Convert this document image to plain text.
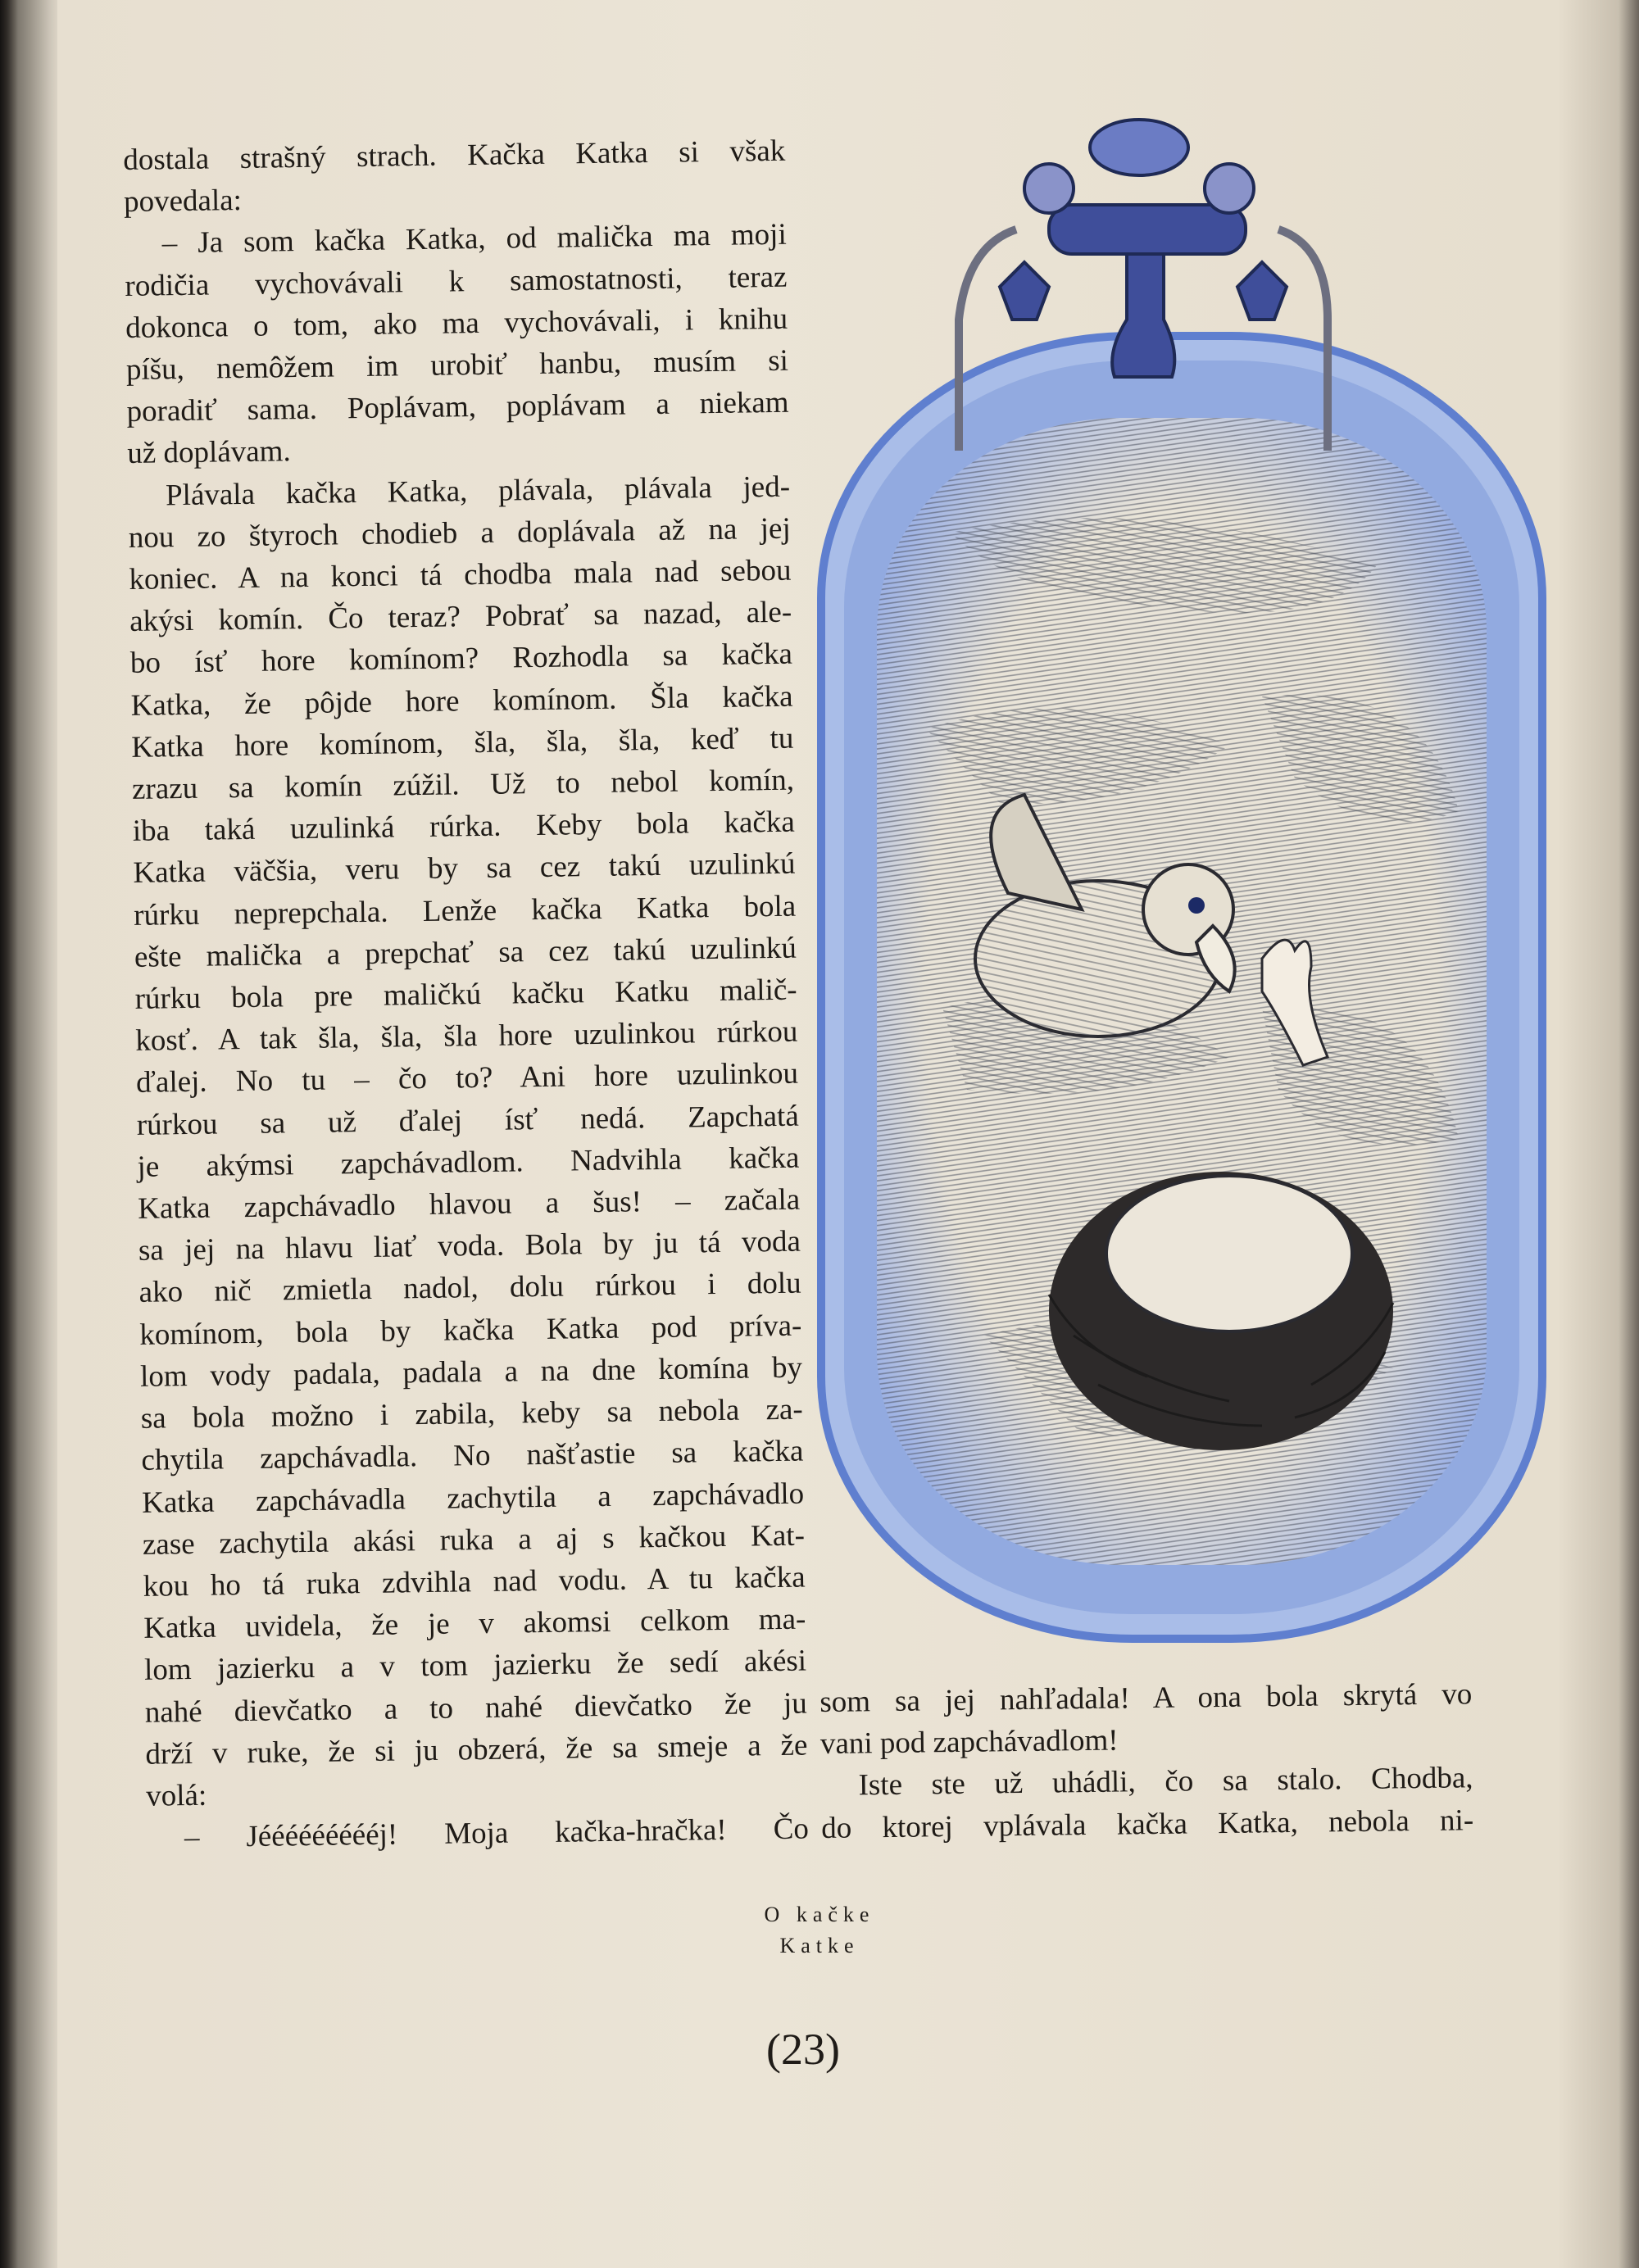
dostala strašný strach. Kačka Katka si však
povedala:
– Ja som kačka Katka, od malička ma moji
rodičia vychovávali k samostatnosti, teraz
dokonca o tom, ako ma vychovávali, i knihu
píšu, nemôžem im urobiť hanbu, musím si
poradiť sama. Poplávam, poplávam a niekam
už doplávam.
Plávala kačka Katka, plávala, plávala jed-
nou zo štyroch chodieb a doplávala až na jej
koniec. A na konci tá chodba mala nad sebou
akýsi komín. Čo teraz? Pobrať sa nazad, ale-
bo ísť hore komínom? Rozhodla sa kačka
Katka, že pôjde hore komínom. Šla kačka
Katka hore komínom, šla, šla, šla, keď tu
zrazu sa komín zúžil. Už to nebol komín,
iba taká uzulinká rúrka. Keby bola kačka
Katka väčšia, veru by sa cez takú uzulinkú
rúrku neprepchala. Lenže kačka Katka bola
ešte malička a prepchať sa cez takú uzulinkú
rúrku bola pre maličkú kačku Katku malič-
kosť. A tak šla, šla, šla hore uzulinkou rúrkou
ďalej. No tu – čo to? Ani hore uzulinkou
rúrkou sa už ďalej ísť nedá. Zapchatá
je akýmsi zapchávadlom. Nadvihla kačka
Katka zapchávadlo hlavou a šus! – začala
sa jej na hlavu liať voda. Bola by ju tá voda
ako nič zmietla nadol, dolu rúrkou i dolu
komínom, bola by kačka Katka pod príva-
lom vody padala, padala a na dne komína by
sa bola možno i zabila, keby sa nebola za-
chytila zapchávadla. No našťastie sa kačka
Katka zapchávadla zachytila a zapchávadlo
zase zachytila akási ruka a aj s kačkou Kat-
kou ho tá ruka zdvihla nad vodu. A tu kačka
Katka uvidela, že je v akomsi celkom ma-
lom jazierku a v tom jazierku že sedí akési
nahé dievčatko a to nahé dievčatko že ju
drží v ruke, že si ju obzerá, že sa smeje a že
volá:
– Jéééééééééj! Moja kačka-hračka! Čo
som sa jej nahľadala! A ona bola skrytá vo
vani pod zapchávadlom!
Iste ste už uhádli, čo sa stalo. Chodba,
do ktorej vplávala kačka Katka, nebola ni-
O kačke
Katke
(23)
